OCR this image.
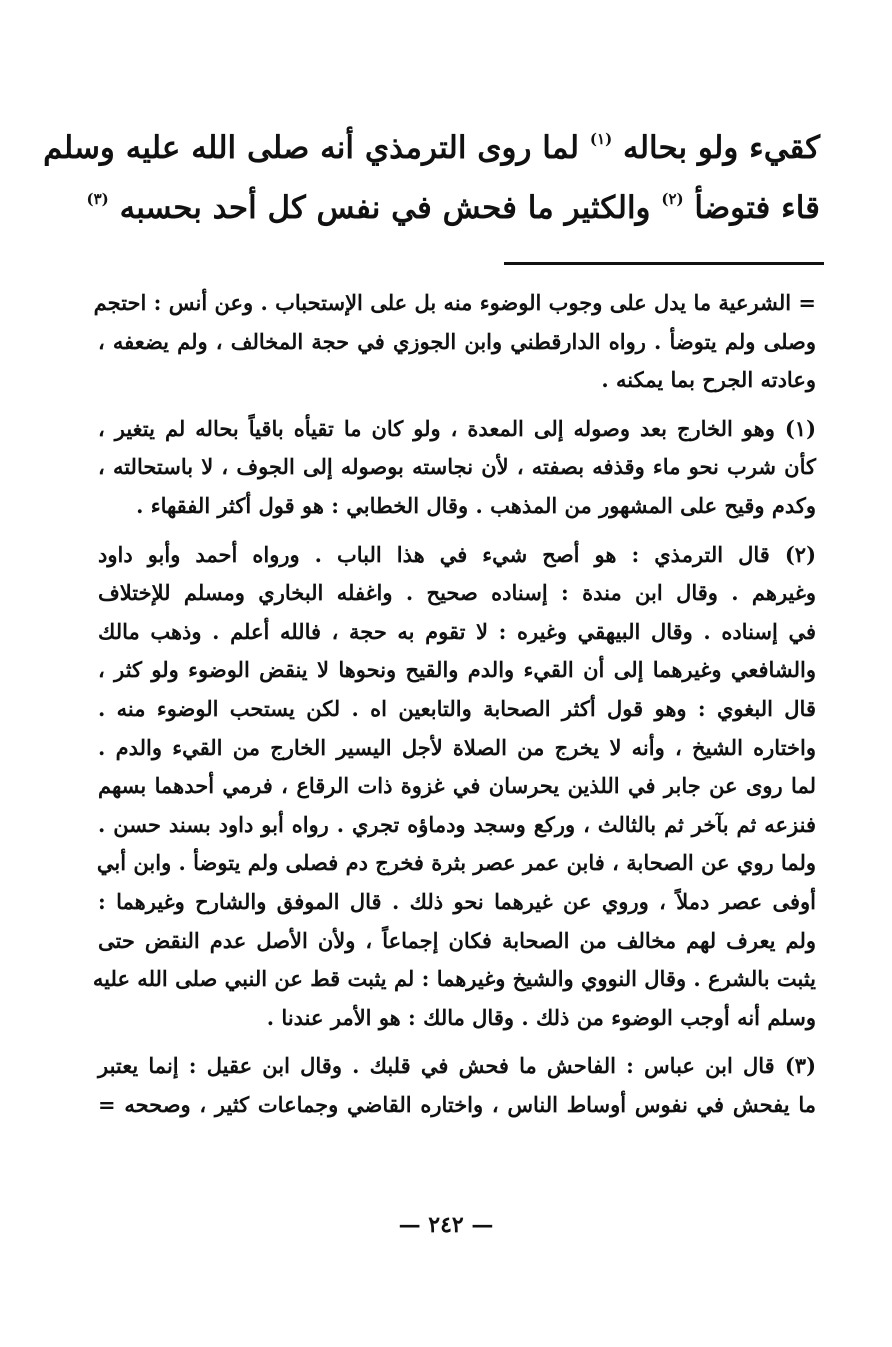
كقيء ولو بحاله $^{(١)}$ لما روى الترمذي أنه صلى الله عليه وسلم
قاء فتوضأ $^{(٢)}$ والكثير ما فحش في نفس كل أحد بحسبه $^{(٣)}$
= الشرعية ما يدل على وجوب الوضوء منه بل على الإستحباب . وعن أنس : احتجم
وصلى ولم يتوضأ . رواه الدارقطني وابن الجوزي في حجة المخالف ، ولم يضعفه ،
وعادته الجرح بما يمكنه .
(١) وهو الخارج بعد وصوله إلى المعدة ، ولو كان ما تقيأه باقياً بحاله لم يتغير ،
كأن شرب نحو ماء وقذفه بصفته ، لأن نجاسته بوصوله إلى الجوف ، لا باستحالته ،
وكدم وقيح على المشهور من المذهب . وقال الخطابي : هو قول أكثر الفقهاء .
(٢) قال الترمذي : هو أصح شيء في هذا الباب . ورواه أحمد وأبو داود
وغيرهم . وقال ابن مندة : إسناده صحيح . واغفله البخاري ومسلم للإختلاف
في إسناده . وقال البيهقي وغيره : لا تقوم به حجة ، فالله أعلم . وذهب مالك
والشافعي وغيرهما إلى أن القيء والدم والقيح ونحوها لا ينقض الوضوء ولو كثر ،
قال البغوي : وهو قول أكثر الصحابة والتابعين اه . لكن يستحب الوضوء منه .
واختاره الشيخ ، وأنه لا يخرج من الصلاة لأجل اليسير الخارج من القيء والدم .
لما روى عن جابر في اللذين يحرسان في غزوة ذات الرقاع ، فرمي أحدهما بسهم
فنزعه ثم بآخر ثم بالثالث ، وركع وسجد ودماؤه تجري . رواه أبو داود بسند حسن .
ولما روي عن الصحابة ، فابن عمر عصر بثرة فخرج دم فصلى ولم يتوضأ . وابن أبي
أوفى عصر دملاً ، وروي عن غيرهما نحو ذلك . قال الموفق والشارح وغيرهما :
ولم يعرف لهم مخالف من الصحابة فكان إجماعاً ، ولأن الأصل عدم النقض حتى
يثبت بالشرع . وقال النووي والشيخ وغيرهما : لم يثبت قط عن النبي صلى الله عليه
وسلم أنه أوجب الوضوء من ذلك . وقال مالك : هو الأمر عندنا .
(٣) قال ابن عباس : الفاحش ما فحش في قلبك . وقال ابن عقيل : إنما يعتبر
ما يفحش في نفوس أوساط الناس ، واختاره القاضي وجماعات كثير ، وصححه =
— ٢٤٢ —
